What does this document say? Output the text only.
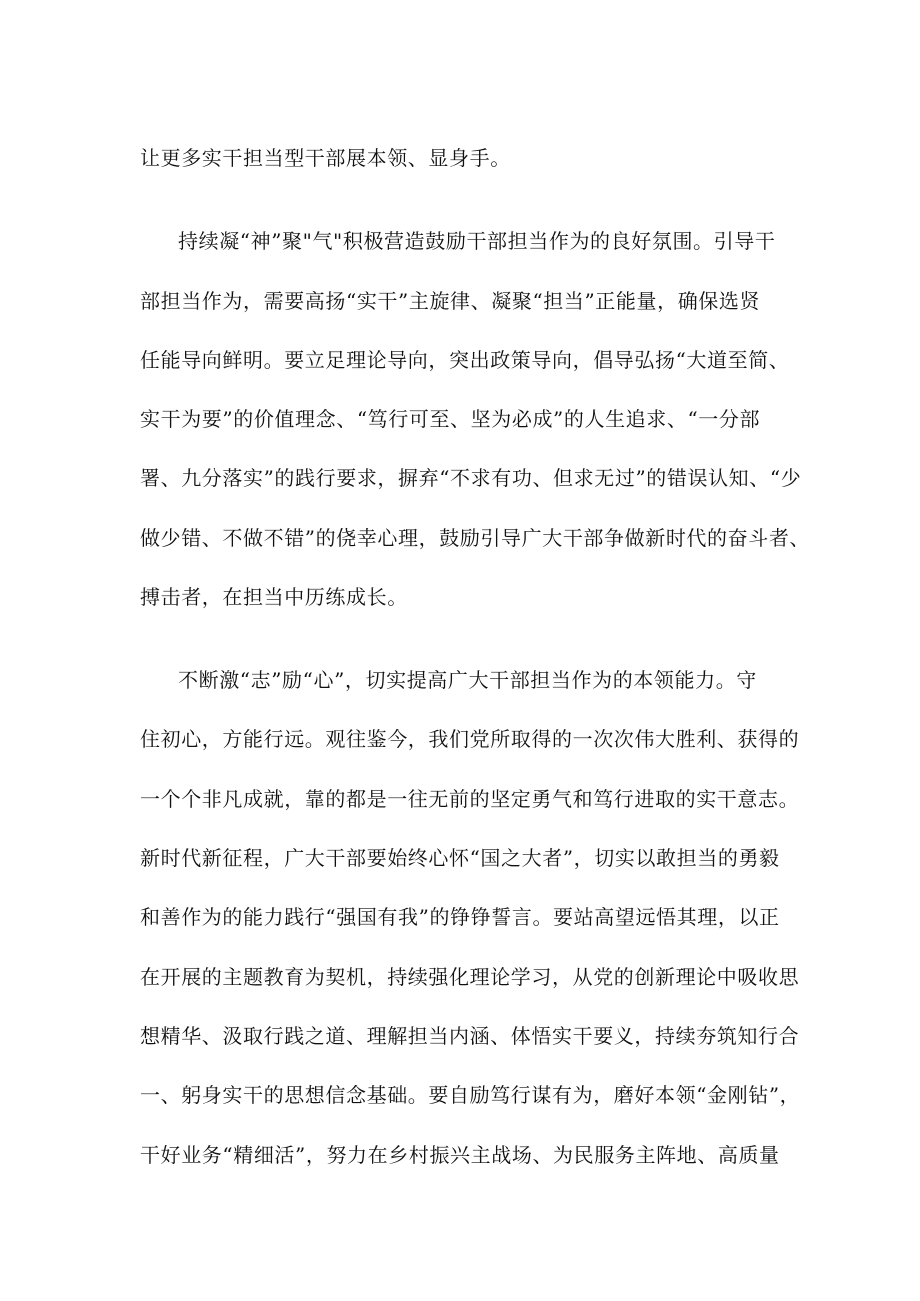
让更多实干担当型干部展本领、显身手。
持续凝“神”聚"气"积极营造鼓励干部担当作为的良好氛围。引导干
部担当作为，需要高扬“实干”主旋律、凝聚“担当”正能量，确保选贤
任能导向鲜明。要立足理论导向，突出政策导向，倡导弘扬“大道至简、
实干为要”的价值理念、“笃行可至、坚为必成”的人生追求、“一分部
署、九分落实”的践行要求，摒弃“不求有功、但求无过”的错误认知、“少
做少错、不做不错”的侥幸心理，鼓励引导广大干部争做新时代的奋斗者、
搏击者，在担当中历练成长。
不断激“志”励“心”，切实提高广大干部担当作为的本领能力。守
住初心，方能行远。观往鉴今，我们党所取得的一次次伟大胜利、获得的
一个个非凡成就，靠的都是一往无前的坚定勇气和笃行进取的实干意志。
新时代新征程，广大干部要始终心怀“国之大者”，切实以敢担当的勇毅
和善作为的能力践行“强国有我”的铮铮誓言。要站高望远悟其理，以正
在开展的主题教育为契机，持续强化理论学习，从党的创新理论中吸收思
想精华、汲取行践之道、理解担当内涵、体悟实干要义，持续夯筑知行合
一、躬身实干的思想信念基础。要自励笃行谋有为，磨好本领“金刚钻”，
干好业务“精细活”，努力在乡村振兴主战场、为民服务主阵地、高质量
